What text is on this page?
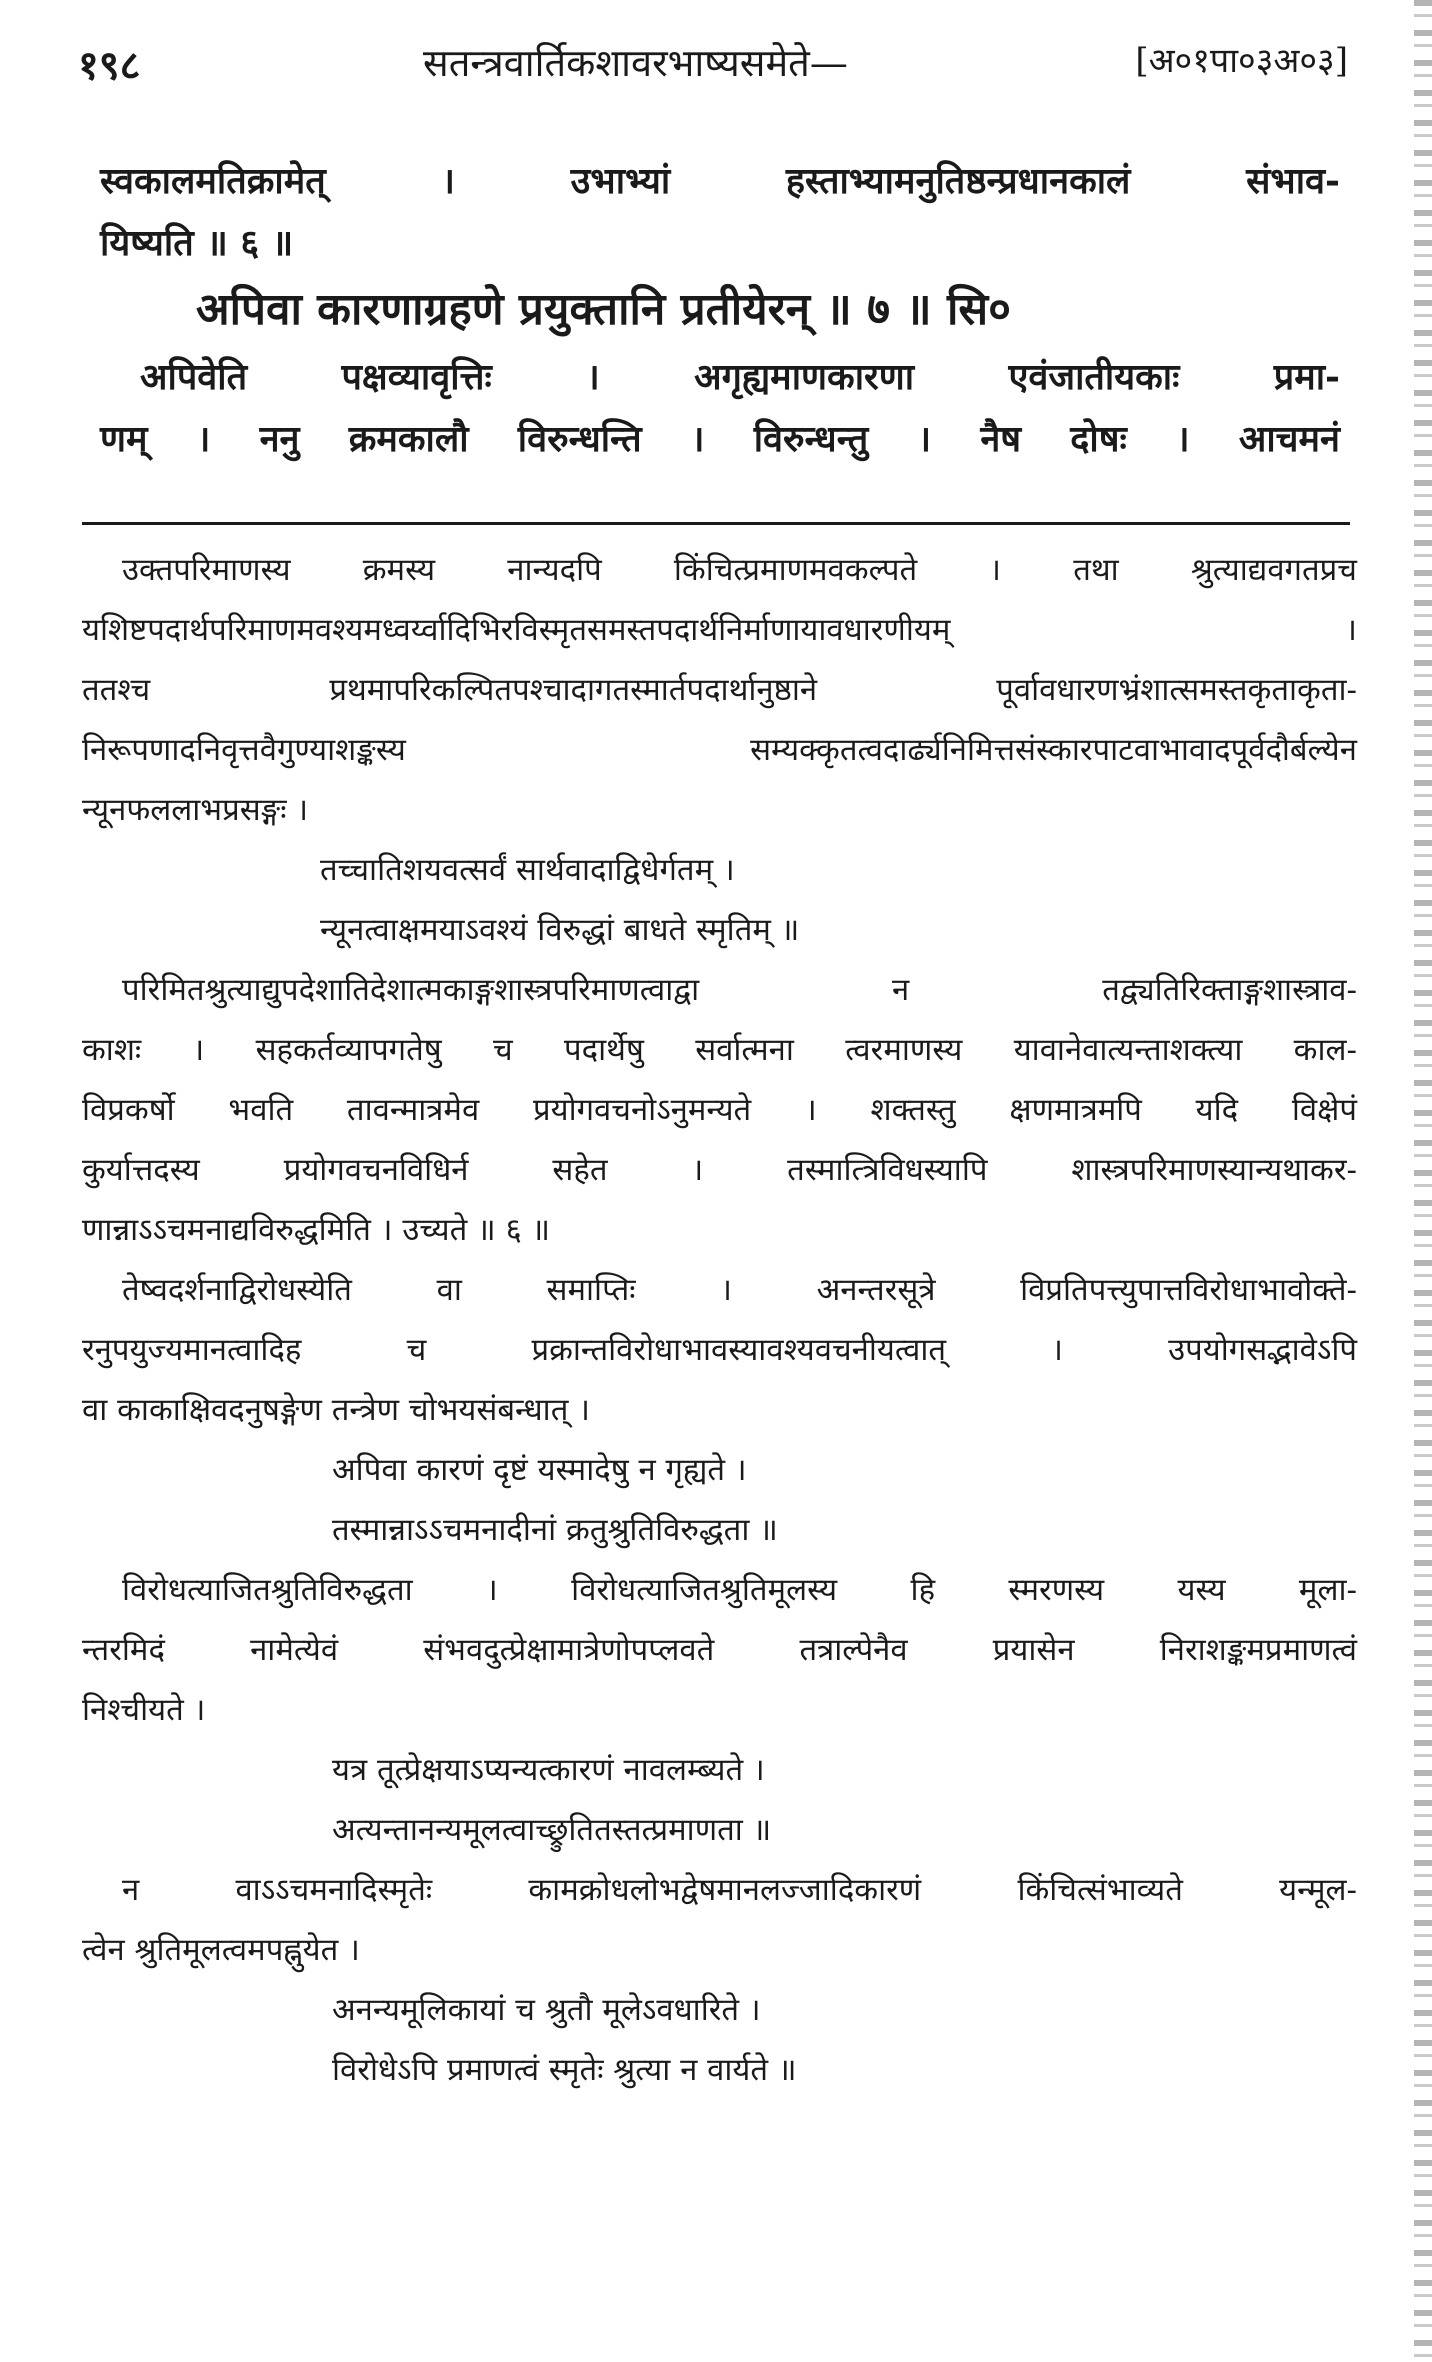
१९८	सतन्त्रवार्तिकशावरभाष्यसमेते—	[अ०१पा०३अ०३]
स्वकालमतिक्रामेत् । उभाभ्यां हस्ताभ्यामनुतिष्ठन्प्रधानकालं संभाव-
यिष्यति ॥ ६ ॥
अपिवा कारणाग्रहणे प्रयुक्तानि प्रतीयेरन् ॥ ७ ॥ सि०
अपिवेति पक्षव्यावृत्तिः । अगृह्यमाणकारणा एवंजातीयकाः प्रमा-
णम् । ननु क्रमकालौ विरुन्धन्ति । विरुन्धन्तु । नैष दोषः । आचमनं
उक्तपरिमाणस्य क्रमस्य नान्यदपि किंचित्प्रमाणमवकल्पते । तथा श्रुत्याद्यवगतप्रच
यशिष्टपदार्थपरिमाणमवश्यमध्वर्य्वादिभिरविस्मृतसमस्तपदार्थनिर्माणायावधारणीयम् ।
ततश्च प्रथमापरिकल्पितपश्चादागतस्मार्तपदार्थानुष्ठाने पूर्वावधारणभ्रंशात्समस्तकृताकृता-
निरूपणादनिवृत्तवैगुण्याशङ्कस्य सम्यक्कृतत्वदार्ढ्यनिमित्तसंस्कारपाटवाभावादपूर्वदौर्बल्येन
न्यूनफललाभप्रसङ्गः ।
तच्चातिशयवत्सर्वं सार्थवादाद्विधेर्गतम् ।
न्यूनत्वाक्षमयाऽवश्यं विरुद्धां बाधते स्मृतिम् ॥
परिमितश्रुत्याद्युपदेशातिदेशात्मकाङ्गशास्त्रपरिमाणत्वाद्वा न तद्व्यतिरिक्ताङ्गशास्त्राव-
काशः । सहकर्तव्यापगतेषु च पदार्थेषु सर्वात्मना त्वरमाणस्य यावानेवात्यन्ताशक्त्या काल-
विप्रकर्षो भवति तावन्मात्रमेव प्रयोगवचनोऽनुमन्यते । शक्तस्तु क्षणमात्रमपि यदि विक्षेपं
कुर्यात्तदस्य प्रयोगवचनविधिर्न सहेत । तस्मात्त्रिविधस्यापि शास्त्रपरिमाणस्यान्यथाकर-
णान्नाऽऽचमनाद्यविरुद्धमिति । उच्यते ॥ ६ ॥
तेष्वदर्शनाद्विरोधस्येति वा समाप्तिः । अनन्तरसूत्रे विप्रतिपत्त्युपात्तविरोधाभावोक्ते-
रनुपयुज्यमानत्वादिह च प्रक्रान्तविरोधाभावस्यावश्यवचनीयत्वात् । उपयोगसद्भावेऽपि
वा काकाक्षिवदनुषङ्गेण तन्त्रेण चोभयसंबन्धात् ।
अपिवा कारणं दृष्टं यस्मादेषु न गृह्यते ।
तस्मान्नाऽऽचमनादीनां क्रतुश्रुतिविरुद्धता ॥
विरोधत्याजितश्रुतिविरुद्धता । विरोधत्याजितश्रुतिमूलस्य हि स्मरणस्य यस्य मूला-
न्तरमिदं नामेत्येवं संभवदुत्प्रेक्षामात्रेणोपप्लवते तत्राल्पेनैव प्रयासेन निराशङ्कमप्रमाणत्वं
निश्चीयते ।
यत्र तूत्प्रेक्षयाऽप्यन्यत्कारणं नावलम्ब्यते ।
अत्यन्तानन्यमूलत्वाच्छ्रुतितस्तत्प्रमाणता ॥
न वाऽऽचमनादिस्मृतेः कामक्रोधलोभद्वेषमानलज्जादिकारणं किंचित्संभाव्यते यन्मूल-
त्वेन श्रुतिमूलत्वमपह्नुयेत ।
अनन्यमूलिकायां च श्रुतौ मूलेऽवधारिते ।
विरोधेऽपि प्रमाणत्वं स्मृतेः श्रुत्या न वार्यते ॥
